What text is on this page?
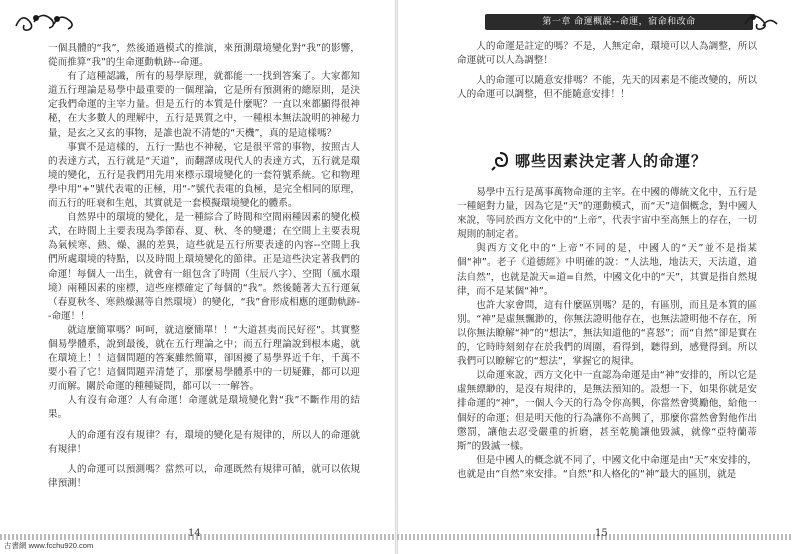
一個具體的“我”，然後通過模式的推演，來預測環境變化對“我”的影響，從而推算“我”的生命運動軌跡--命運。

有了這種認識，所有的易學原理，就都能一一找到答案了。大家都知道五行理論是易學中最重要的一個理論，它是所有預測術的總原則，是決定我們命運的主宰力量。但是五行的本質是什麼呢？一直以來都顯得很神秘，在大多數人的理解中，五行是異質之中，一種根本無法說明的神秘力量，是玄之又玄的事物，是誰也說不清楚的“天機”，真的是這樣嗎？

事實不是這樣的，五行一點也不神秘，它是很平常的事物，按照古人的表達方式，五行就是“天道”，而翻譯成現代人的表達方式，五行就是環境的變化，五行是我們用先用來標示環境變化的一套符號系統。它和物理學中用“+”號代表電的正極，用“-”號代表電的負極，是完全相同的原理，而五行的旺衰和生剋，其實就是一套模擬環境變化的體系。

自然界中的環境的變化，是一種綜合了時間和空間兩種因素的變化模式，在時間上主要表現為季節春、夏、秋、冬的變遷；在空間上主要表現為氣候寒、熱、燥、濕的差異，這些就是五行所要表達的內容--空間上我們所處環境的特點，以及時間上環境變化的節律。正是這些決定著我們的命運！每個人一出生，就會有一組包含了時間（生辰八字）、空間（風水環境）兩種因素的座標，這些座標確定了每個的“我”。然後隨著大五行運氣（春夏秋冬、寒熱燥濕等自然環境）的變化，“我”會形成相應的運動軌跡--命運！！

就這麼簡單嗎？呵呵，就這麼簡單！！“大道甚夷而民好徑”。其實整個易學體系，說到最後，就在五行理論之中；而五行理論說到根本處，就在環境上！！這個問題的答案雖然簡單，卻困擾了易學界近千年，千萬不要小看了它！這個問題弄清楚了，那麼易學體系中的一切疑難，都可以迎刃而解。關於命運的種種疑問，都可以一一解答。

人有沒有命運？人有命運！命運就是環境變化對“我”不斷作用的結果。

人的命運有沒有規律？有，環境的變化是有規律的，所以人的命運就有規律！

人的命運可以預測嗎？當然可以，命運既然有規律可循，就可以依規律預測！

14
古書網 www.fcchu920.com
第一章 命運概說--命運，宿命和改命

人的命運是註定的嗎？不是，人無定命，環境可以人為調整，所以命運就可以人為調整！

人的命運可以隨意安排嗎？不能，先天的因素是不能改變的，所以人的命運可以調整，但不能隨意安排！！

哪些因素決定著人的命運？

易學中五行是萬事萬物命運的主宰。在中國的傳統文化中，五行是一種絕對力量，因為它是“天”的運動模式，而“天”這個概念，對中國人來說，等同於西方文化中的“上帝”，代表宇宙中至高無上的存在，一切規則的制定者。

與西方文化中的“上帝”不同的是，中國人的“天”並不是指某個“神”。老子《道德經》中明確的說：“人法地，地法天，天法道，道法自然”，也就是說天=道=自然，中國文化中的“天”，其實是指自然規律，而不是某個“神”。

也許大家會問，這有什麼區別嗎？是的，有區別，而且是本質的區別。“神”是虛無飄渺的，你無法證明他存在，也無法證明他不存在，所以你無法瞭解“神”的“想法”，無法知道他的“喜怒”；而“自然”卻是實在的，它時時刻刻存在於我們的周圍，看得到，聽得到，感覺得到。所以我們可以瞭解它的“想法”，掌握它的規律。

以命運來說，西方文化中一直認為命運是由“神”安排的，所以它是虛無縹緲的，是沒有規律的，是無法預知的。設想一下，如果你就是安排命運的“神”，一個人今天的行為令你高興，你當然會獎勵他，給他一個好的命運；但是明天他的行為讓你不高興了，那麼你當然會對他作出懲罰，讓他去忍受嚴重的折磨，甚至乾脆讓他毀滅，就像“亞特蘭蒂斯”的毀滅一樣。

但是中國人的概念就不同了，中國文化中命運是由“天”來安排的，也就是由“自然”來安排。“自然”和人格化的“神”最大的區別，就是

15
